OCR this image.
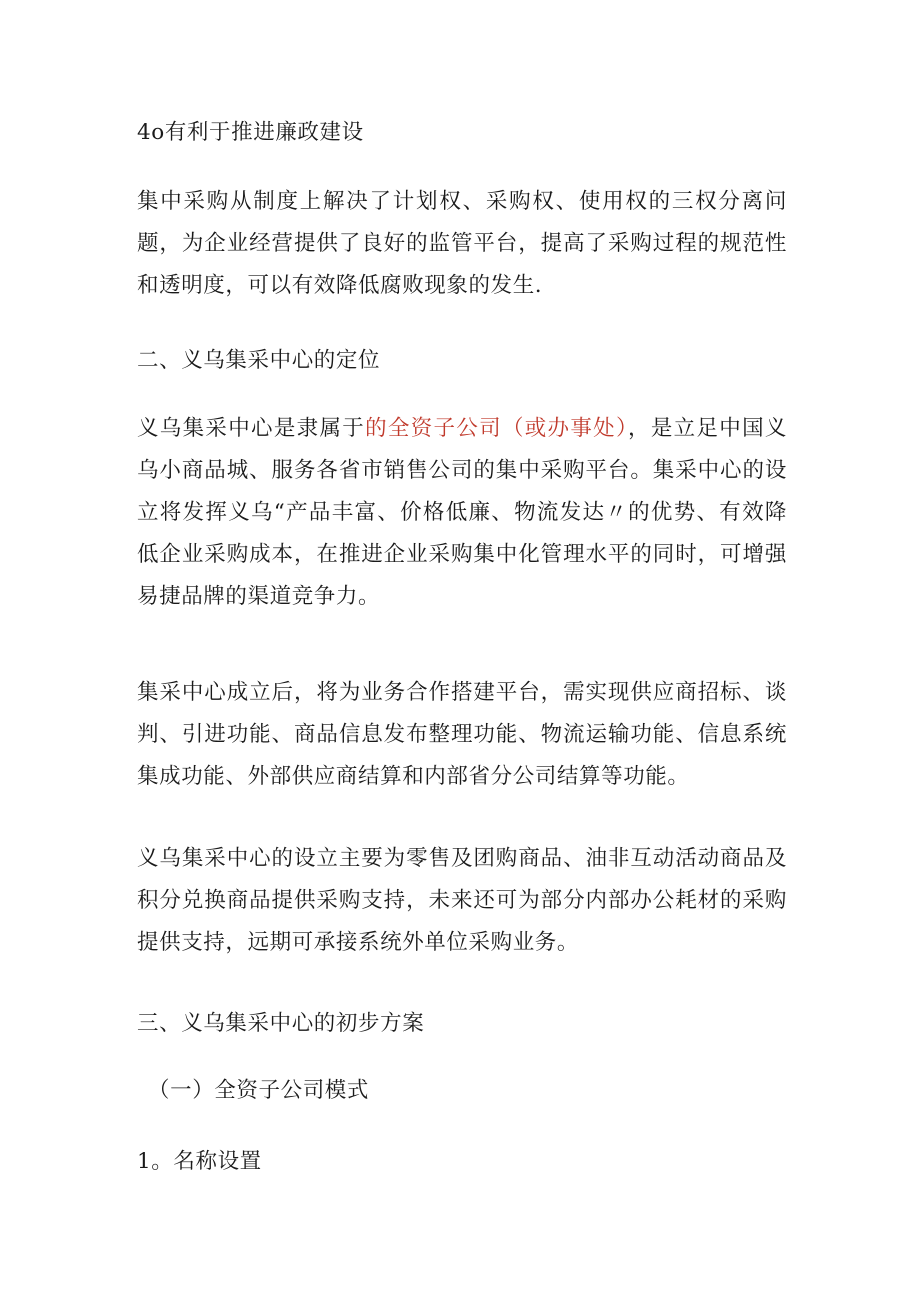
4o有利于推进廉政建设

集中采购从制度上解决了计划权、采购权、使用权的三权分离问题，为企业经营提供了良好的监管平台，提高了采购过程的规范性和透明度，可以有效降低腐败现象的发生.

二、义乌集采中心的定位

义乌集采中心是隶属于的全资子公司（或办事处），是立足中国义乌小商品城、服务各省市销售公司的集中采购平台。集采中心的设立将发挥义乌“产品丰富、价格低廉、物流发达〃的优势、有效降低企业采购成本，在推进企业采购集中化管理水平的同时，可增强易捷品牌的渠道竞争力。

集采中心成立后，将为业务合作搭建平台，需实现供应商招标、谈判、引进功能、商品信息发布整理功能、物流运输功能、信息系统集成功能、外部供应商结算和内部省分公司结算等功能。

义乌集采中心的设立主要为零售及团购商品、油非互动活动商品及积分兑换商品提供采购支持，未来还可为部分内部办公耗材的采购提供支持，远期可承接系统外单位采购业务。

三、义乌集采中心的初步方案

（一）全资子公司模式

1。名称设置
